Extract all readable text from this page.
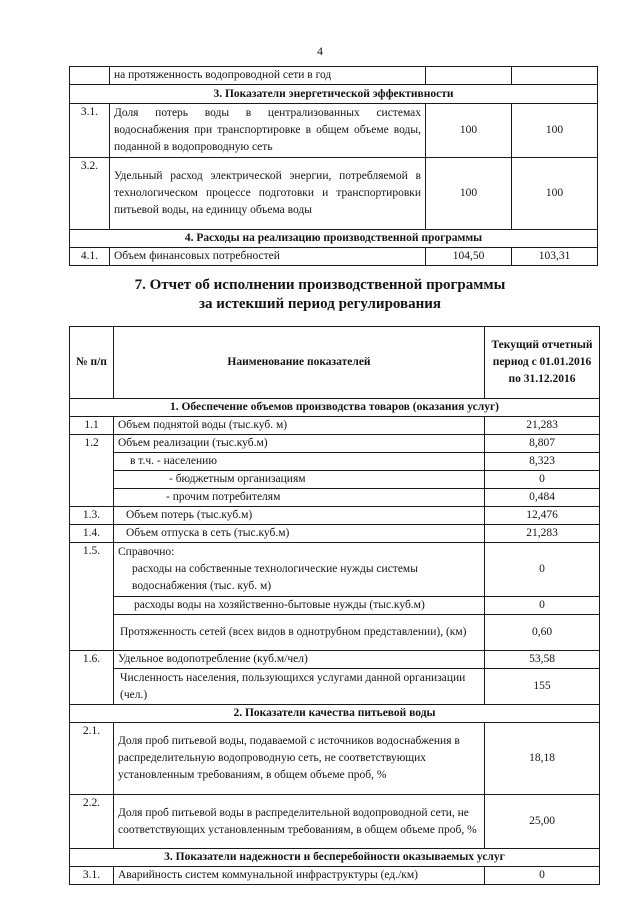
4
	на протяженность водопроводной сети в год		
3. Показатели энергетической эффективности			
3.1.	Доля потерь воды в централизованных системах водоснабжения при транспортировке в общем объеме воды, поданной в водопроводную сеть	100	100
3.2.	Удельный расход электрической энергии, потребляемой в технологическом процессе подготовки и транспортировки питьевой воды, на единицу объема воды	100	100
4. Расходы на реализацию производственной программы			
4.1.	Объем финансовых потребностей	104,50	103,31
7. Отчет об исполнении производственной программы
за истекший период регулирования
№ п/п	Наименование показателей	Текущий отчетный период с 01.01.2016 по 31.12.2016
1. Обеспечение объемов производства товаров (оказания услуг)		
1.1	Объем поднятой воды (тыс.куб. м)	21,283
1.2	Объем реализации (тыс.куб.м)	8,807
	в т.ч. - населению	8,323
	- бюджетным организациям	0
	- прочим потребителям	0,484
1.3.	Объем потерь (тыс.куб.м)	12,476
1.4.	Объем отпуска в сеть (тыс.куб.м)	21,283
1.5.	Справочно:
расходы на собственные технологические нужды системы водоснабжения (тыс. куб. м)	0
	расходы воды на хозяйственно-бытовые нужды (тыс.куб.м)	0
	Протяженность сетей (всех видов в однотрубном представлении), (км)	0,60
1.6.	Удельное водопотребление (куб.м/чел)	53,58
	Численность населения, пользующихся услугами данной организации (чел.)	155
2. Показатели качества питьевой воды		
2.1.	Доля проб питьевой воды, подаваемой с источников водоснабжения в распределительную водопроводную сеть, не соответствующих установленным требованиям, в общем объеме проб, %	18,18
2.2.	Доля проб питьевой воды в распределительной водопроводной сети, не соответствующих установленным требованиям, в общем объеме проб, %	25,00
3. Показатели надежности и бесперебойности оказываемых услуг		
3.1.	Аварийность систем коммунальной инфраструктуры (ед./км)	0
